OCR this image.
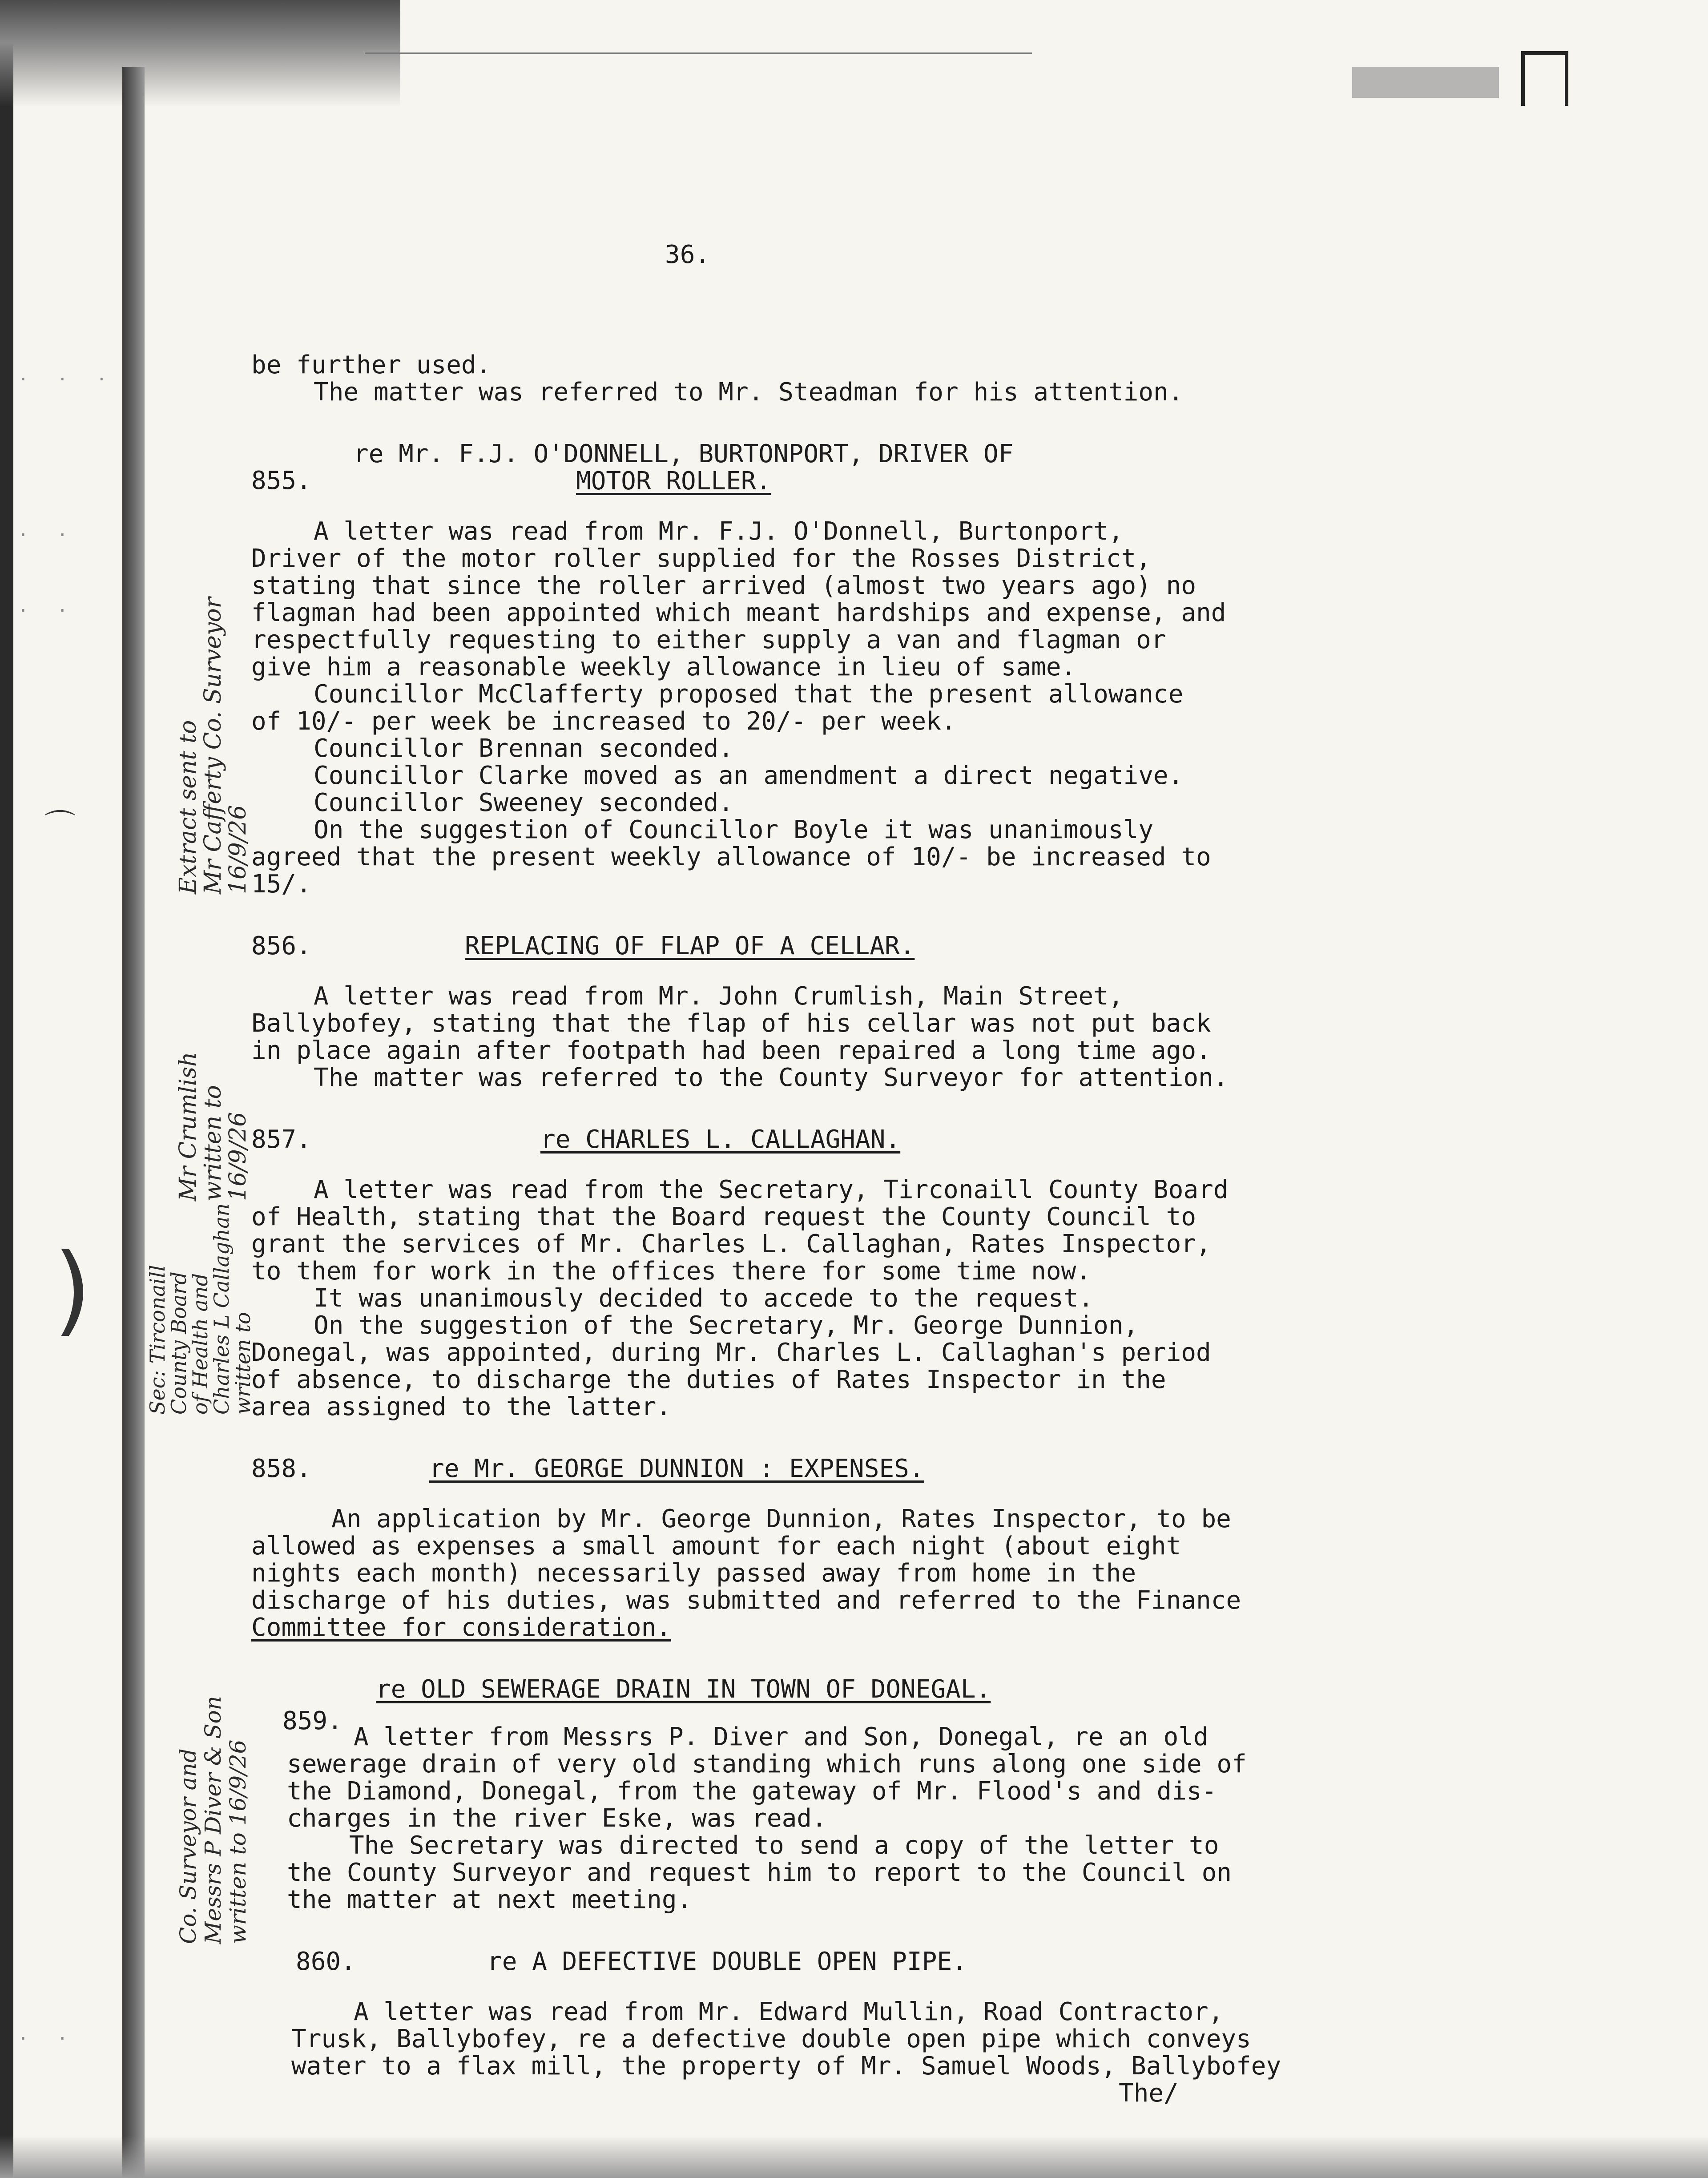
· · ·
· ·
· ·
· ·
⌒
)
36.
Extract sent to
Mr Cafferty Co. Surveyor
16/9/26
Mr Crumlish
written to
16/9/26
Sec: Tirconaill
County Board
of Health and
Charles L Callaghan
written to
Co. Surveyor and
Messrs P Diver & Son
written to 16/9/26

be further used.

The matter was referred to Mr. Steadman for his attention.

855.
re Mr. F.J. O'DONNELL, BURTONPORT, DRIVER OF
MOTOR ROLLER.

A letter was read from Mr. F.J. O'Donnell, Burtonport,

Driver of the motor roller supplied for the Rosses District,

stating that since the roller arrived (almost two years ago) no

flagman had been appointed which meant hardships and expense, and

respectfully requesting to either supply a van and flagman or

give him a reasonable weekly allowance in lieu of same.

Councillor McClafferty proposed that the present allowance

of 10/- per week be increased to 20/- per week.

Councillor Brennan seconded.

Councillor Clarke moved as an amendment a direct negative.

Councillor Sweeney seconded.

On the suggestion of Councillor Boyle it was unanimously

agreed that the present weekly allowance of 10/- be increased to

15/.

856.	REPLACING OF FLAP OF A CELLAR.

A letter was read from Mr. John Crumlish, Main Street,

Ballybofey, stating that the flap of his cellar was not put back

in place again after footpath had been repaired a long time ago.

The matter was referred to the County Surveyor for attention.

857.	re CHARLES L. CALLAGHAN.

A letter was read from the Secretary, Tirconaill County Board

of Health, stating that the Board request the County Council to

grant the services of Mr. Charles L. Callaghan, Rates Inspector,

to them for work in the offices there for some time now.

It was unanimously decided to accede to the request.

On the suggestion of the Secretary, Mr. George Dunnion,

Donegal, was appointed, during Mr. Charles L. Callaghan's period

of absence, to discharge the duties of Rates Inspector in the

area assigned to the latter.

858.	re Mr. GEORGE DUNNION : EXPENSES.

An application by Mr. George Dunnion, Rates Inspector, to be

allowed as expenses a small amount for each night (about eight

nights each month) necessarily passed away from home in the

discharge of his duties, was submitted and referred to the Finance

Committee for consideration.

re OLD SEWERAGE DRAIN IN TOWN OF DONEGAL.

859.

A letter from Messrs P. Diver and Son, Donegal, re an old

sewerage drain of very old standing which runs along one side of

the Diamond, Donegal, from the gateway of Mr. Flood's and dis-

charges in the river Eske, was read.

The Secretary was directed to send a copy of the letter to

the County Surveyor and request him to report to the Council on

the matter at next meeting.

860.	re A DEFECTIVE DOUBLE OPEN PIPE.

A letter was read from Mr. Edward Mullin, Road Contractor,

Trusk, Ballybofey, re a defective double open pipe which conveys

water to a flax mill, the property of Mr. Samuel Woods, Ballybofey

The/
